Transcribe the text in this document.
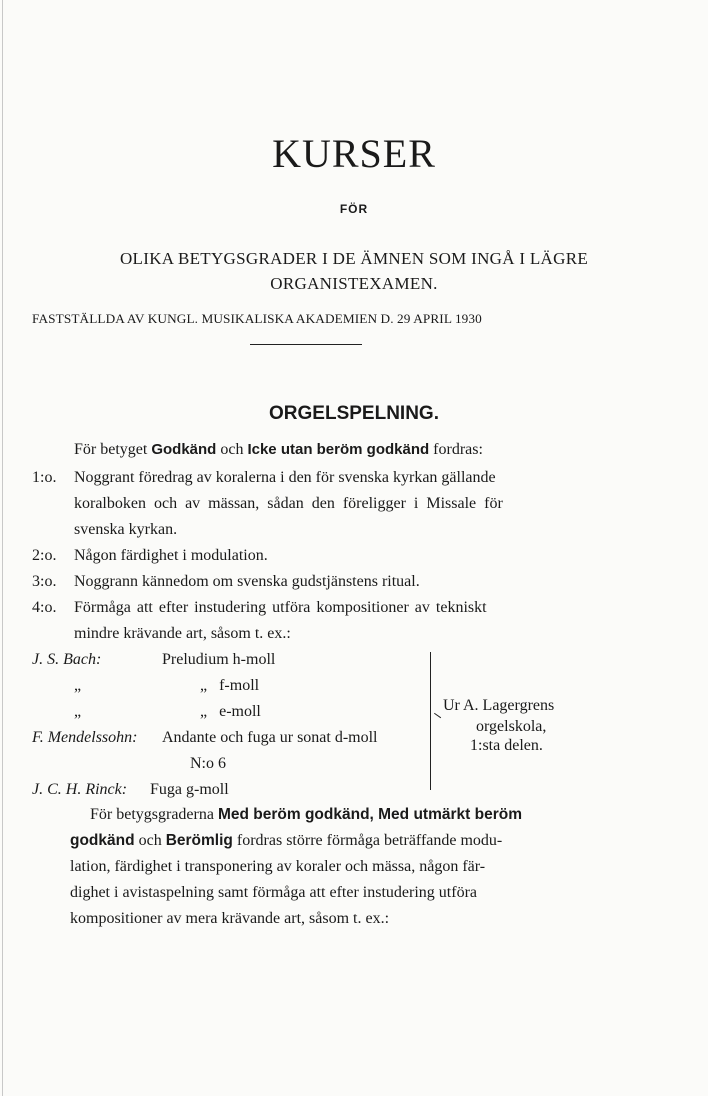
KURSER
FÖR
OLIKA BETYGSGRADER I DE ÄMNEN SOM INGÅ I LÄGRE
ORGANISTEXAMEN.
FASTSTÄLLDA AV KUNGL. MUSIKALISKA AKADEMIEN D. 29 APRIL 1930
ORGELSPELNING.
För betyget Godkänd och Icke utan beröm godkänd fordras:
1:o. Noggrant föredrag av koralerna i den för svenska kyrkan gällande
koralboken och av mässan, sådan den föreligger i Missale för
svenska kyrkan.
2:o. Någon färdighet i modulation.
3:o. Noggrann kännedom om svenska gudstjänstens ritual.
4:o. Förmåga att efter instudering utföra kompositioner av tekniskt
mindre krävande art, såsom t. ex.:
J. S. Bach:	Preludium h-moll
„	„   f-moll
„	„   e-moll
F. Mendelssohn: Andante och fuga ur sonat d-moll
N:o 6
J. C. H. Rinck: Fuga g-moll
Ur A. Lagergrens
orgelskola,
1:sta delen.
För betygsgraderna Med beröm godkänd, Med utmärkt beröm
godkänd och Berömlig fordras större förmåga beträffande modu-
lation, färdighet i transponering av koraler och mässa, någon fär-
dighet i avistaspelning samt förmåga att efter instudering utföra
kompositioner av mera krävande art, såsom t. ex.:
